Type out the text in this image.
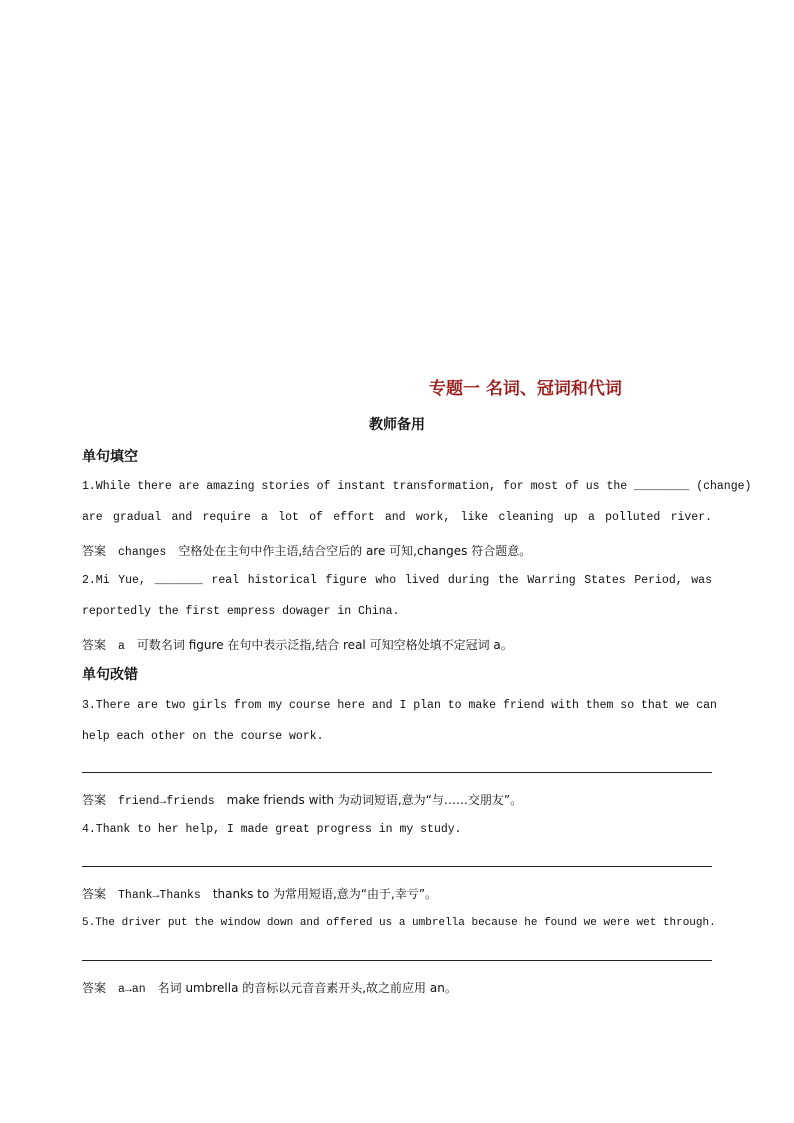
专题一 名词、冠词和代词
教师备用
单句填空
1.While there are amazing stories of instant transformation, for most of us the ________ (change)
are gradual and require a lot of effort and work, like cleaning up a polluted river.
答案 changes 空格处在主句中作主语,结合空后的 are 可知,changes 符合题意。
2.Mi Yue, _______ real historical figure who lived during the Warring States Period, was
reportedly the first empress dowager in China.
答案 a 可数名词 figure 在句中表示泛指,结合 real 可知空格处填不定冠词 a。
单句改错
3.There are two girls from my course here and I plan to make friend with them so that we can
help each other on the course work.
答案 friend→friends make friends with 为动词短语,意为“与……交朋友”。
4.Thank to her help, I made great progress in my study.
答案 Thank→Thanks thanks to 为常用短语,意为“由于,幸亏”。
5.The driver put the window down and offered us a umbrella because he found we were wet through.
答案 a→an 名词 umbrella 的音标以元音音素开头,故之前应用 an。
